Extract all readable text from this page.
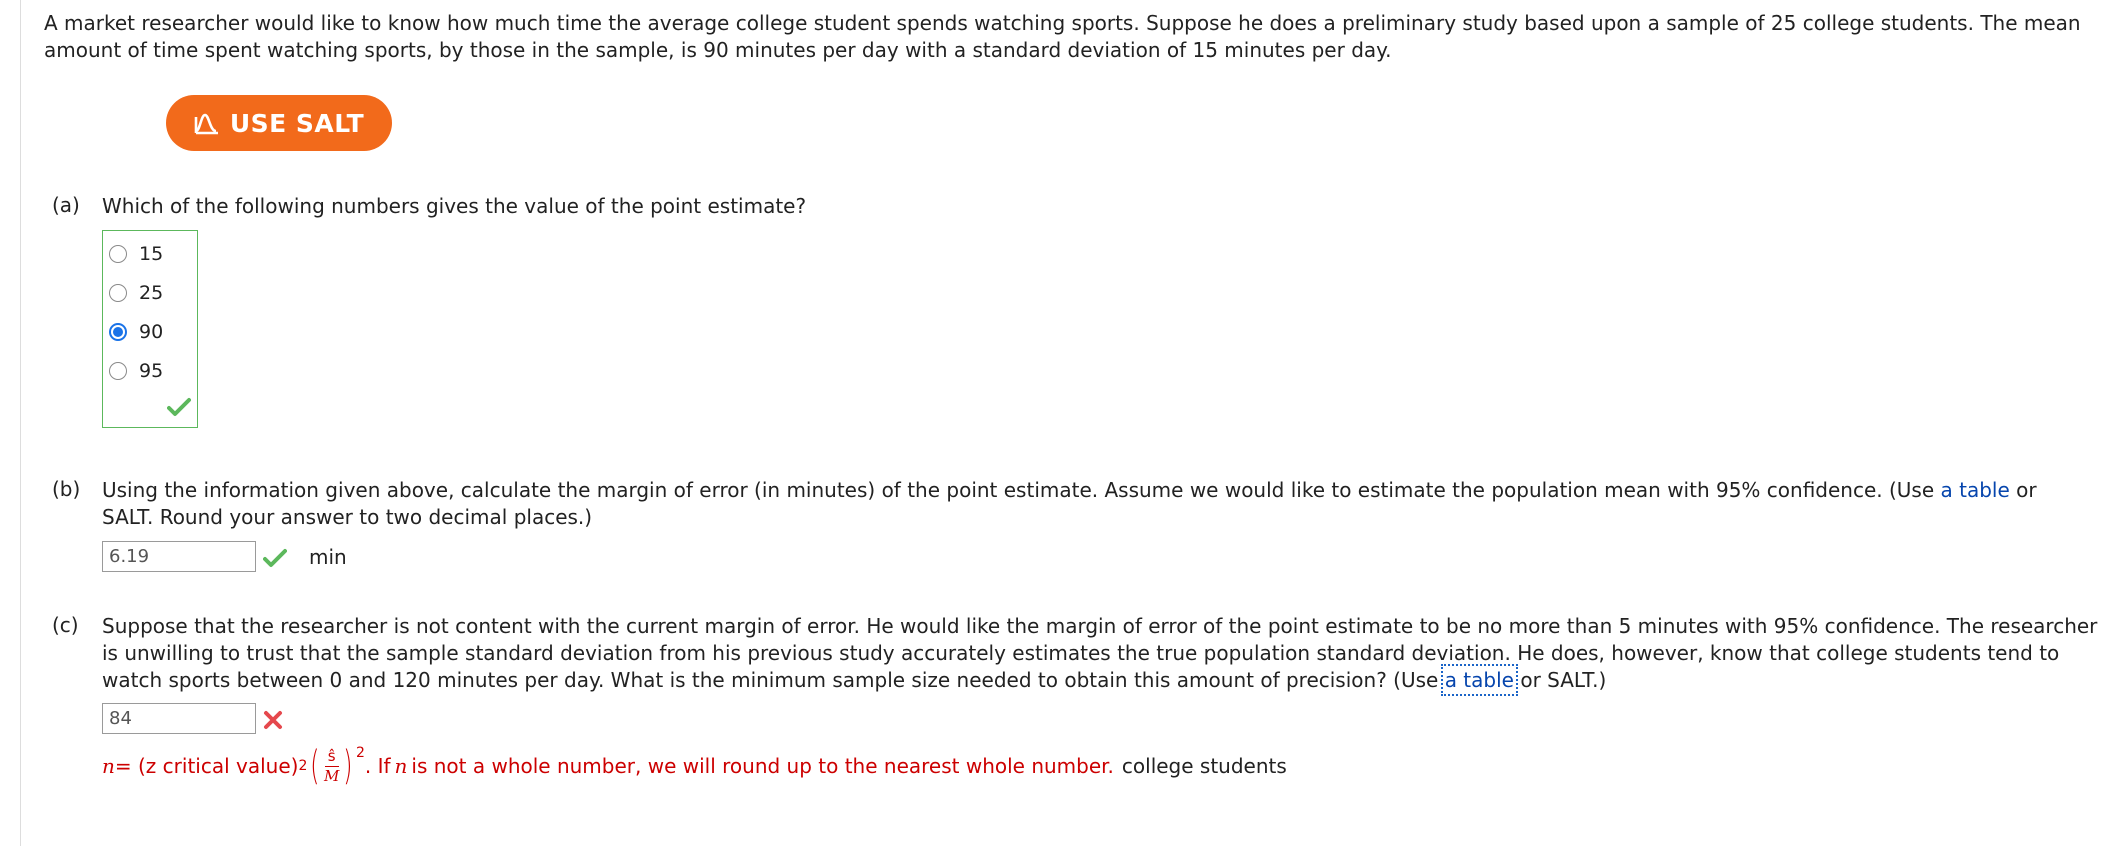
A market researcher would like to know how much time the average college student spends watching sports. Suppose he does a preliminary study based upon a sample of 25 college students. The mean amount of time spent watching sports, by those in the sample, is 90 minutes per day with a standard deviation of 15 minutes per day.
USE SALT
(a) Which of the following numbers gives the value of the point estimate?
15
25
90
95
(b) Using the information given above, calculate the margin of error (in minutes) of the point estimate. Assume we would like to estimate the population mean with 95% confidence. (Use a table or SALT. Round your answer to two decimal places.)
6.19
min
(c) Suppose that the researcher is not content with the current margin of error. He would like the margin of error of the point estimate to be no more than 5 minutes with 95% confidence. The researcher is unwilling to trust that the sample standard deviation from his previous study accurately estimates the true population standard deviation. He does, however, know that college students tend to watch sports between 0 and 120 minutes per day. What is the minimum sample size needed to obtain this amount of precision? (Use a table or SALT.)
84
n = (z critical value) 2 ( $\frac{ŝ}{M} )^2$
. If n is not a whole number, we will round up to the nearest whole number. college students
